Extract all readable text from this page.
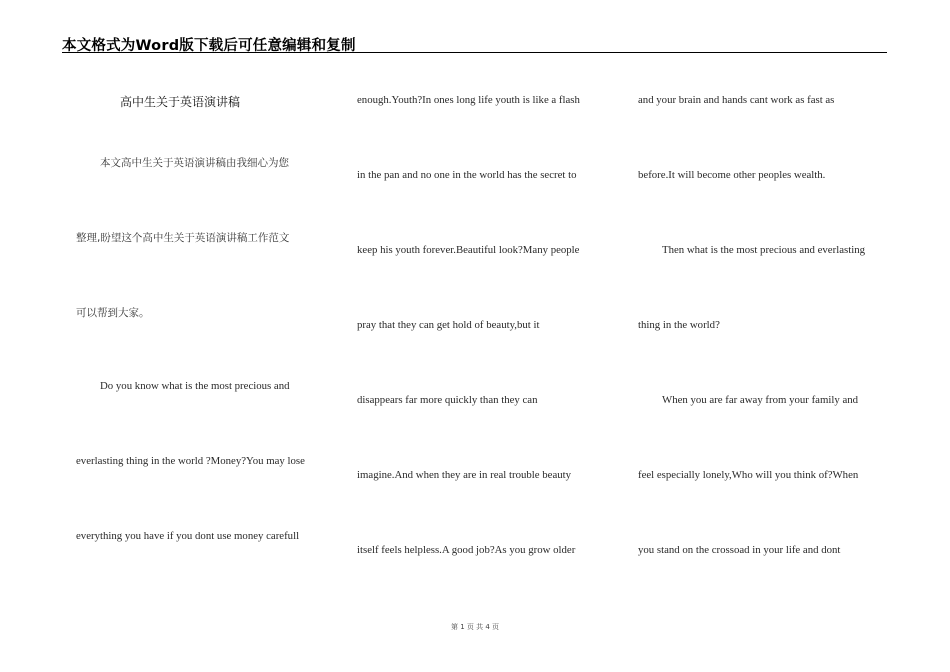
本文格式为Word版下载后可任意编辑和复制
高中生关于英语演讲稿
本文高中生关于英语演讲稿由我细心为您
整理,盼望这个高中生关于英语演讲稿工作范文
可以帮到大家。
Do you know what is the most precious and
everlasting thing in the world ?Money?You may lose
everything you have if you dont use money carefull
enough.Youth?In ones long life youth is like a flash
in the pan and no one in the world has the secret to
keep his youth forever.Beautiful look?Many people
pray that they can get hold of beauty,but it
disappears far more quickly than they can
imagine.And when they are in real trouble beauty
itself feels helpless.A good job?As you grow older
and your brain and hands cant work as fast as
before.It will become other peoples wealth.
Then what is the most precious and everlasting
thing in the world?
When you are far away from your family and
feel especially lonely,Who will you think of?When
you stand on the crossoad in your life and dont
第 1 页 共 4 页
